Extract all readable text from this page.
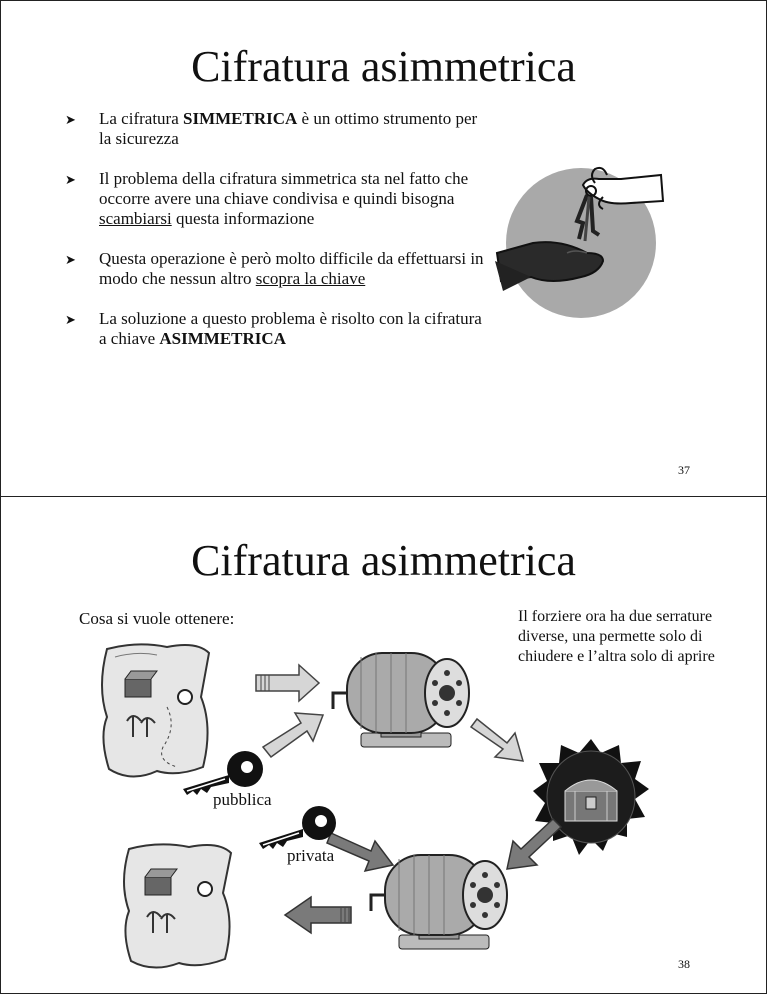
Cifratura asimmetrica
➤ La cifratura SIMMETRICA è un ottimo strumento per la sicurezza
➤ Il problema della cifratura simmetrica sta nel fatto che occorre avere una chiave condivisa e quindi bisogna scambiarsi questa informazione
➤ Questa operazione è però molto difficile da effettuarsi in modo che nessun altro scopra la chiave
➤ La soluzione a questo problema è risolto con la cifratura a chiave ASIMMETRICA
37
Cifratura asimmetrica
Cosa si vuole ottenere:	Il forziere ora ha due serrature diverse, una permette solo di chiudere e l’altra solo di aprire
pubblica
privata
38
